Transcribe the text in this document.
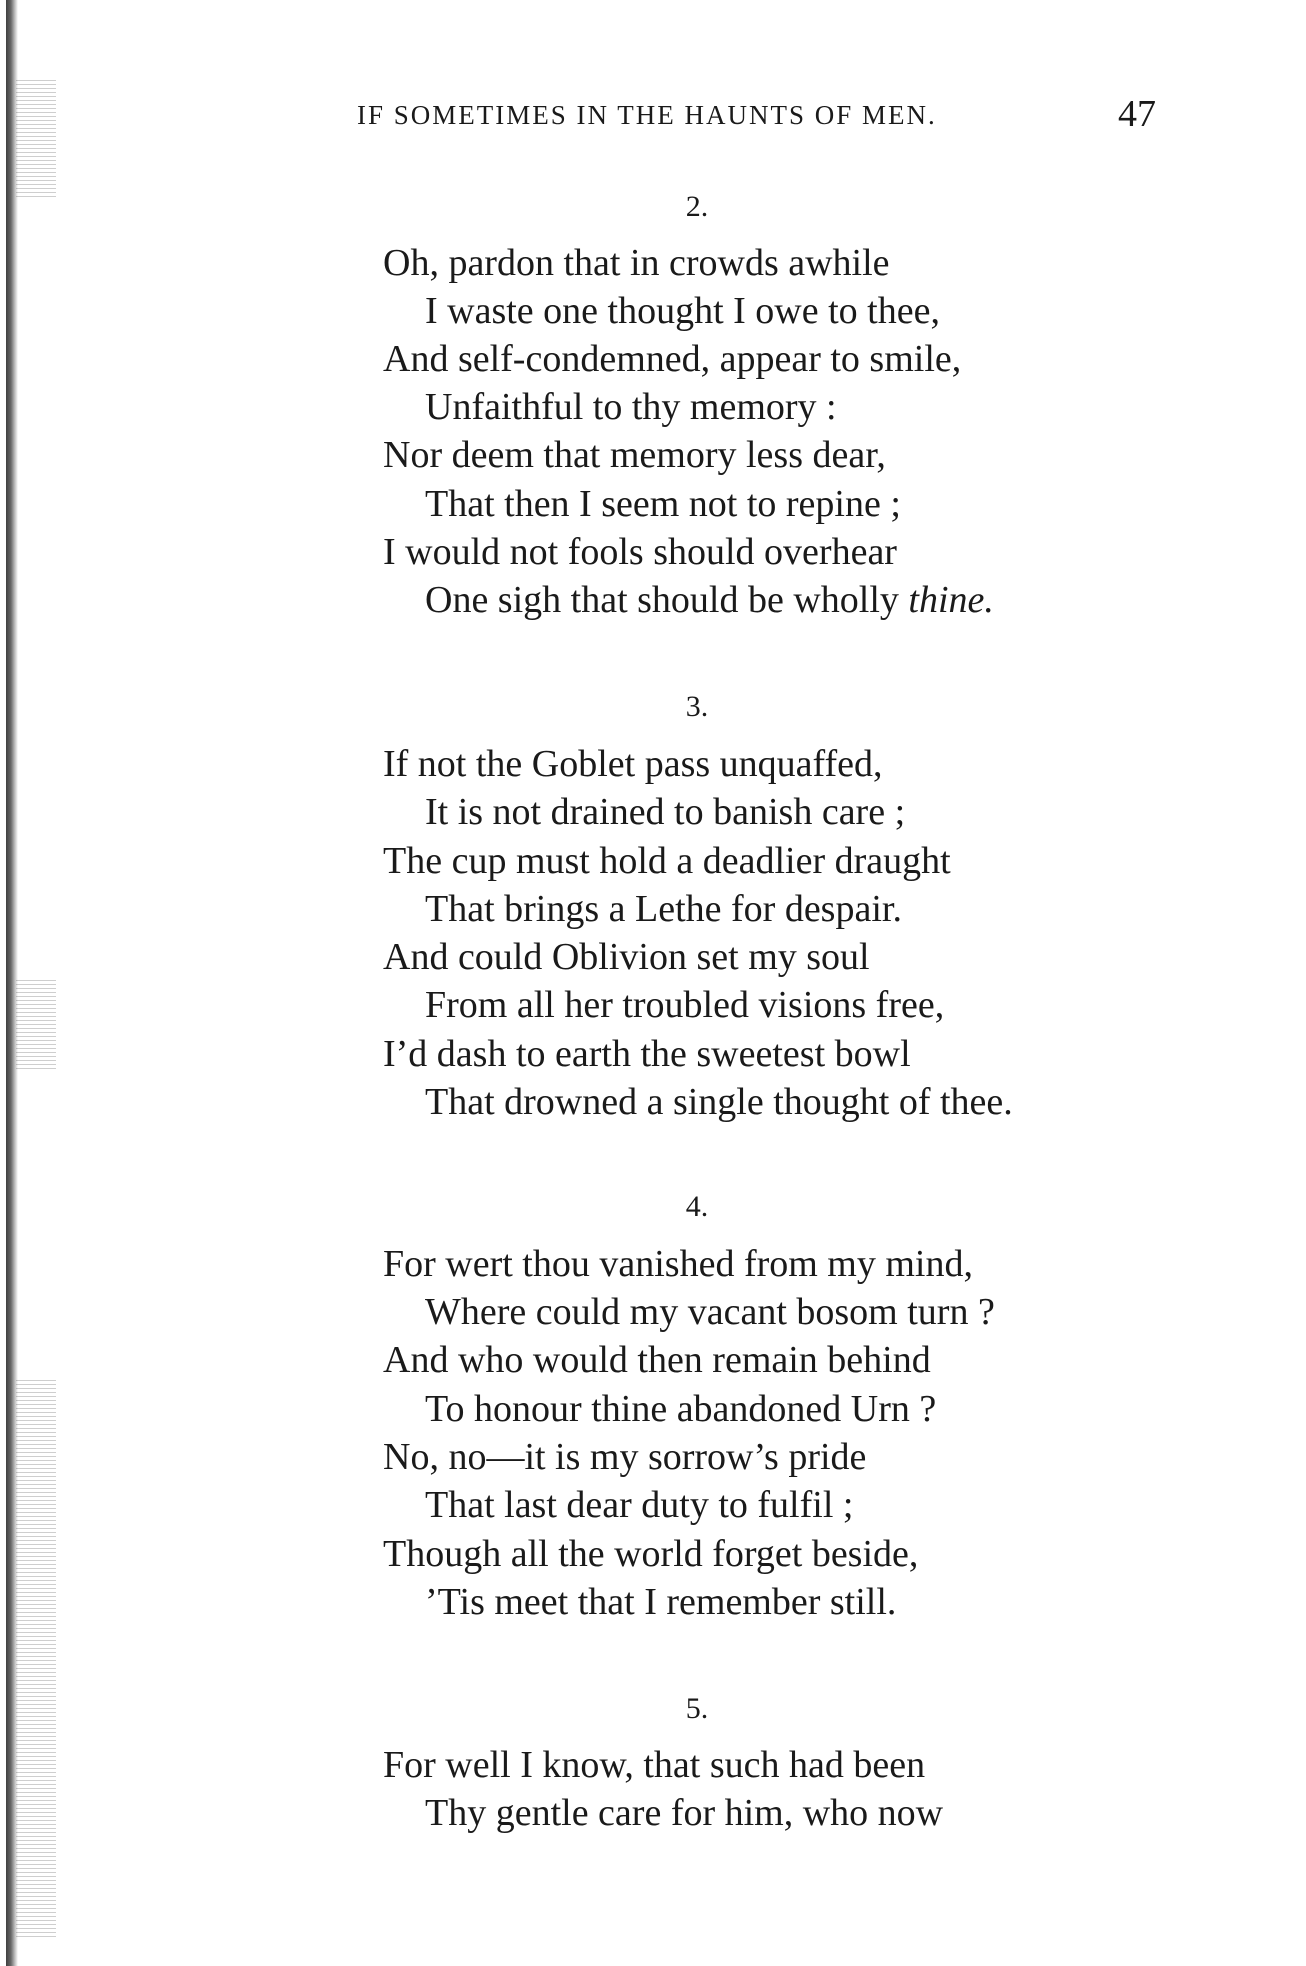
IF SOMETIMES IN THE HAUNTS OF MEN.	47
2.
Oh, pardon that in crowds awhile
I waste one thought I owe to thee,
And self-condemned, appear to smile,
Unfaithful to thy memory :
Nor deem that memory less dear,
That then I seem not to repine ;
I would not fools should overhear
One sigh that should be wholly thine.
3.
If not the Goblet pass unquaffed,
It is not drained to banish care ;
The cup must hold a deadlier draught
That brings a Lethe for despair.
And could Oblivion set my soul
From all her troubled visions free,
I’d dash to earth the sweetest bowl
That drowned a single thought of thee.
4.
For wert thou vanished from my mind,
Where could my vacant bosom turn ?
And who would then remain behind
To honour thine abandoned Urn ?
No, no—it is my sorrow’s pride
That last dear duty to fulfil ;
Though all the world forget beside,
’Tis meet that I remember still.
5.
For well I know, that such had been
Thy gentle care for him, who now
